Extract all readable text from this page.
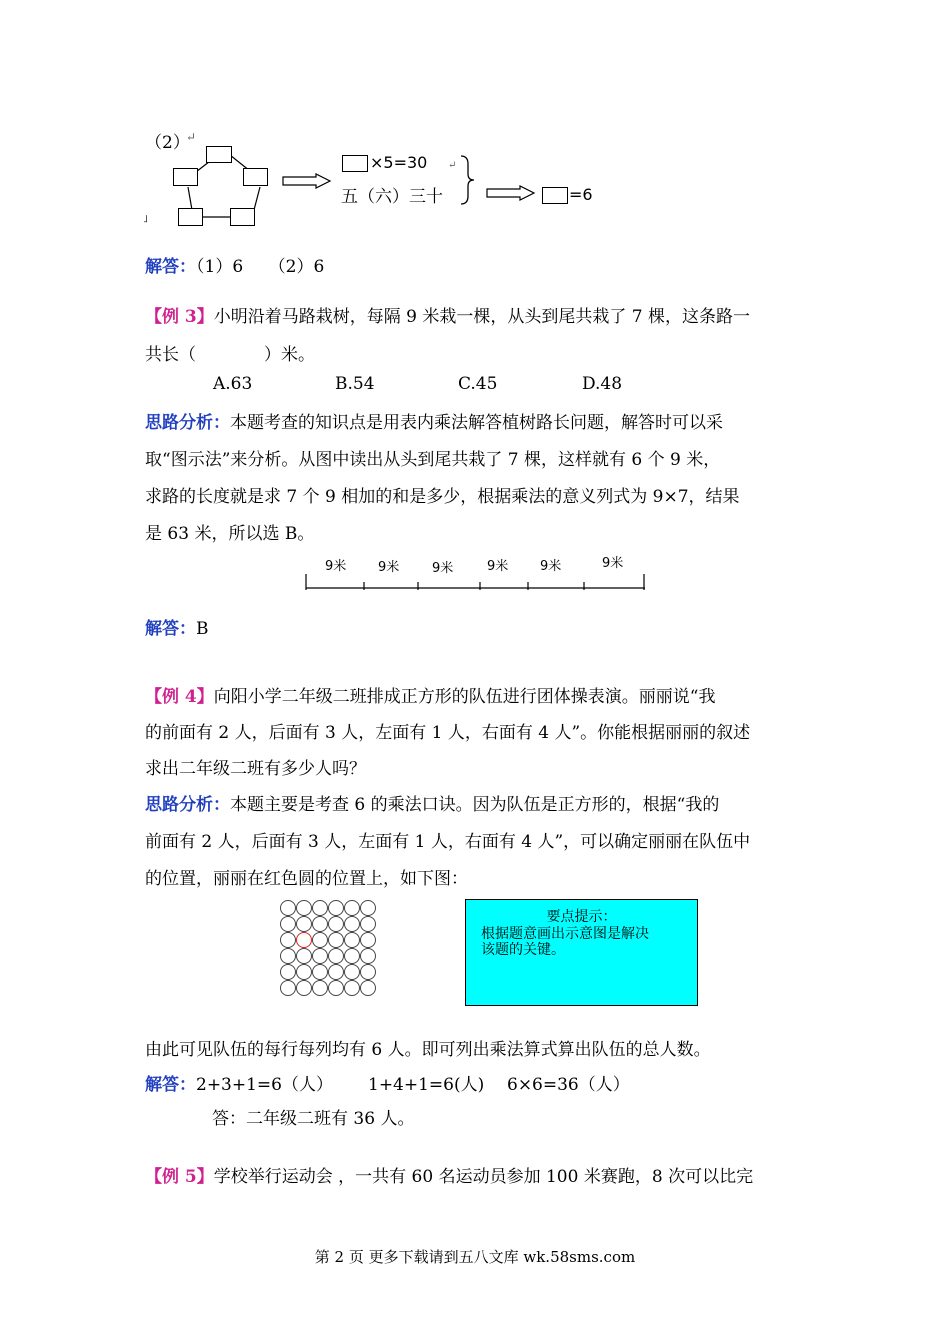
（2）
↵
˩
×5=30 ↵
五（六）三十	=6
解答：（1）6　　（2）6
【例 3】小明沿着马路栽树，每隔 9 米栽一棵，从头到尾共栽了 7 棵，这条路一
共长（　　　　）米。
A.63	B.54	C.45	D.48
思路分析：本题考查的知识点是用表内乘法解答植树路长问题，解答时可以采
取“图示法”来分析。从图中读出从头到尾共栽了 7 棵，这样就有 6 个 9 米，
求路的长度就是求 7 个 9 相加的和是多少，根据乘法的意义列式为 9×7，结果
是 63 米，所以选 B。
9米 9米	9米	9米 9米	9米
解答：B
【例 4】向阳小学二年级二班排成正方形的队伍进行团体操表演。丽丽说“我
的前面有 2 人，后面有 3 人，左面有 1 人，右面有 4 人”。你能根据丽丽的叙述
求出二年级二班有多少人吗？
思路分析：本题主要是考查 6 的乘法口诀。因为队伍是正方形的，根据“我的
前面有 2 人，后面有 3 人，左面有 1 人，右面有 4 人”，可以确定丽丽在队伍中
的位置，丽丽在红色圆的位置上，如下图：
要点提示：
根据题意画出示意图是解决
该题的关键。
由此可见队伍的每行每列均有 6 人。即可列出乘法算式算出队伍的总人数。
解答：2+3+1=6（人） 1+4+1=6(人) 6×6=36（人）
答：二年级二班有 36 人。
【例 5】学校举行运动会 ，一共有 60 名运动员参加 100 米赛跑，8 次可以比完
第 2 页 更多下载请到五八文库 wk.58sms.com
